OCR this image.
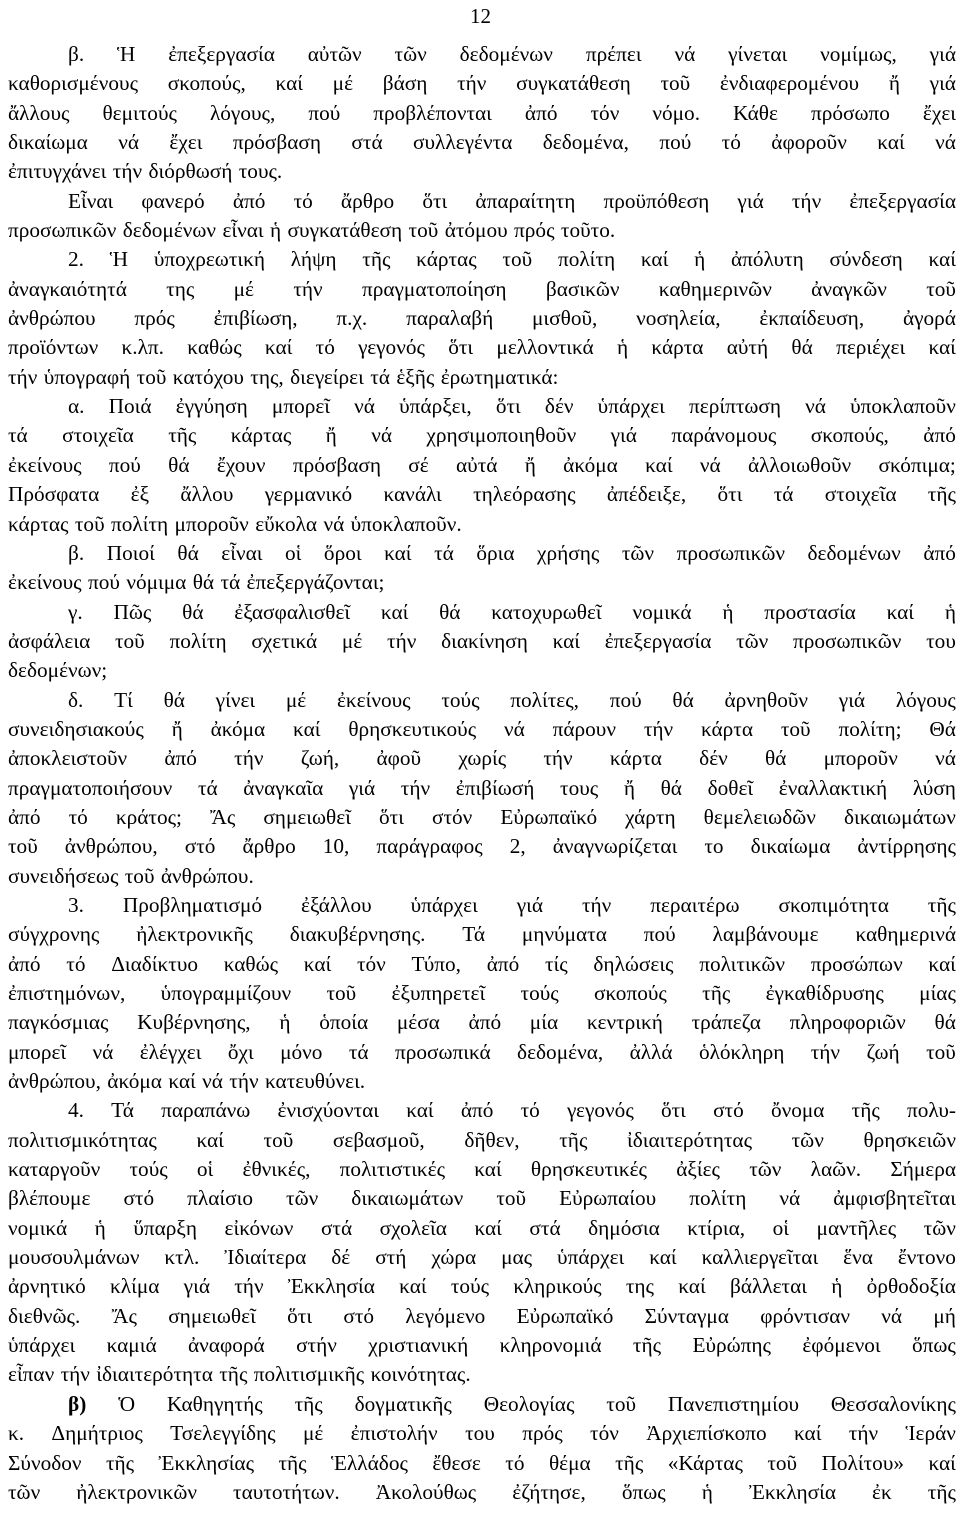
12
β. Ἡ ἐπεξεργασία αὐτῶν τῶν δεδομένων πρέπει νά γίνεται νομίμως, γιά
καθορισμένους σκοπούς, καί μέ βάση τήν συγκατάθεση τοῦ ἐνδιαφερομένου ἤ γιά
ἄλλους θεμιτούς λόγους, πού προβλέπονται ἀπό τόν νόμο. Κάθε πρόσωπο ἔχει
δικαίωμα νά ἔχει πρόσβαση στά συλλεγέντα δεδομένα, πού τό ἀφοροῦν καί νά
ἐπιτυγχάνει τήν διόρθωσή τους.
Εἶναι φανερό ἀπό τό ἄρθρο ὅτι ἀπαραίτητη προϋπόθεση γιά τήν ἐπεξεργασία
προσωπικῶν δεδομένων εἶναι ἡ συγκατάθεση τοῦ ἀτόμου πρός τοῦτο.
2. Ἡ ὑποχρεωτική λήψη τῆς κάρτας τοῦ πολίτη καί ἡ ἀπόλυτη σύνδεση καί
ἀναγκαιότητά της μέ τήν πραγματοποίηση βασικῶν καθημερινῶν ἀναγκῶν τοῦ
ἀνθρώπου πρός ἐπιβίωση, π.χ. παραλαβή μισθοῦ, νοσηλεία, ἐκπαίδευση, ἀγορά
προϊόντων κ.λπ. καθώς καί τό γεγονός ὅτι μελλοντικά ἡ κάρτα αὐτή θά περιέχει καί
τήν ὑπογραφή τοῦ κατόχου της, διεγείρει τά ἑξῆς ἐρωτηματικά:
α. Ποιά ἐγγύηση μπορεῖ νά ὑπάρξει, ὅτι δέν ὑπάρχει περίπτωση νά ὑποκλαποῦν
τά στοιχεῖα τῆς κάρτας ἤ νά χρησιμοποιηθοῦν γιά παράνομους σκοπούς, ἀπό
ἐκείνους πού θά ἔχουν πρόσβαση σέ αὐτά ἤ ἀκόμα καί νά ἀλλοιωθοῦν σκόπιμα;
Πρόσφατα ἐξ ἄλλου γερμανικό κανάλι τηλεόρασης ἀπέδειξε, ὅτι τά στοιχεῖα τῆς
κάρτας τοῦ πολίτη μποροῦν εὔκολα νά ὑποκλαποῦν.
β. Ποιοί θά εἶναι οἱ ὅροι καί τά ὅρια χρήσης τῶν προσωπικῶν δεδομένων ἀπό
ἐκείνους πού νόμιμα θά τά ἐπεξεργάζονται;
γ. Πῶς θά ἐξασφαλισθεῖ καί θά κατοχυρωθεῖ νομικά ἡ προστασία καί ἡ
ἀσφάλεια τοῦ πολίτη σχετικά μέ τήν διακίνηση καί ἐπεξεργασία τῶν προσωπικῶν του
δεδομένων;
δ. Τί θά γίνει μέ ἐκείνους τούς πολίτες, πού θά ἀρνηθοῦν γιά λόγους
συνειδησιακούς ἤ ἀκόμα καί θρησκευτικούς νά πάρουν τήν κάρτα τοῦ πολίτη; Θά
ἀποκλειστοῦν ἀπό τήν ζωή, ἀφοῦ χωρίς τήν κάρτα δέν θά μποροῦν νά
πραγματοποιήσουν τά ἀναγκαῖα γιά τήν ἐπιβίωσή τους ἤ θά δοθεῖ ἐναλλακτική λύση
ἀπό τό κράτος; Ἄς σημειωθεῖ ὅτι στόν Εὐρωπαϊκό χάρτη θεμελειωδῶν δικαιωμάτων
τοῦ ἀνθρώπου, στό ἄρθρο 10, παράγραφος 2, ἀναγνωρίζεται το δικαίωμα ἀντίρρησης
συνειδήσεως τοῦ ἀνθρώπου.
3. Προβληματισμό ἐξάλλου ὑπάρχει γιά τήν περαιτέρω σκοπιμότητα τῆς
σύγχρονης ἠλεκτρονικῆς διακυβέρνησης. Τά μηνύματα πού λαμβάνουμε καθημερινά
ἀπό τό Διαδίκτυο καθώς καί τόν Τύπο, ἀπό τίς δηλώσεις πολιτικῶν προσώπων καί
ἐπιστημόνων, ὑπογραμμίζουν τοῦ ἐξυπηρετεῖ τούς σκοπούς τῆς ἐγκαθίδρυσης μίας
παγκόσμιας Κυβέρνησης, ἡ ὁποία μέσα ἀπό μία κεντρική τράπεζα πληροφοριῶν θά
μπορεῖ νά ἐλέγχει ὄχι μόνο τά προσωπικά δεδομένα, ἀλλά ὁλόκληρη τήν ζωή τοῦ
ἀνθρώπου, ἀκόμα καί νά τήν κατευθύνει.
4. Τά παραπάνω ἐνισχύονται καί ἀπό τό γεγονός ὅτι στό ὄνομα τῆς πολυ-
πολιτισμικότητας καί τοῦ σεβασμοῦ, δῆθεν, τῆς ἰδιαιτερότητας τῶν θρησκειῶν
καταργοῦν τούς οἱ ἐθνικές, πολιτιστικές καί θρησκευτικές ἀξίες τῶν λαῶν. Σήμερα
βλέπουμε στό πλαίσιο τῶν δικαιωμάτων τοῦ Εὐρωπαίου πολίτη νά ἀμφισβητεῖται
νομικά ἡ ὕπαρξη εἰκόνων στά σχολεῖα καί στά δημόσια κτίρια, οἱ μαντῆλες τῶν
μουσουλμάνων κτλ. Ἰδιαίτερα δέ στή χώρα μας ὑπάρχει καί καλλιεργεῖται ἕνα ἔντονο
ἀρνητικό κλίμα γιά τήν Ἐκκλησία καί τούς κληρικούς της καί βάλλεται ἡ ὀρθοδοξία
διεθνῶς. Ἄς σημειωθεῖ ὅτι στό λεγόμενο Εὐρωπαϊκό Σύνταγμα φρόντισαν νά μή
ὑπάρχει καμιά ἀναφορά στήν χριστιανική κληρονομιά τῆς Εὐρώπης ἐφόμενοι ὅπως
εἶπαν τήν ἰδιαιτερότητα τῆς πολιτισμικῆς κοινότητας.
β) Ὁ Καθηγητής τῆς δογματικῆς Θεολογίας τοῦ Πανεπιστημίου Θεσσαλονίκης
κ. Δημήτριος Τσελεγγίδης μέ ἐπιστολήν του πρός τόν Ἀρχιεπίσκοπο καί τήν Ἱεράν
Σύνοδον τῆς Ἐκκλησίας τῆς Ἑλλάδος ἔθεσε τό θέμα τῆς «Κάρτας τοῦ Πολίτου» καί
τῶν ἠλεκτρονικῶν ταυτοτήτων. Ἀκολούθως ἐζήτησε, ὅπως ἡ Ἐκκλησία ἐκ τῆς
